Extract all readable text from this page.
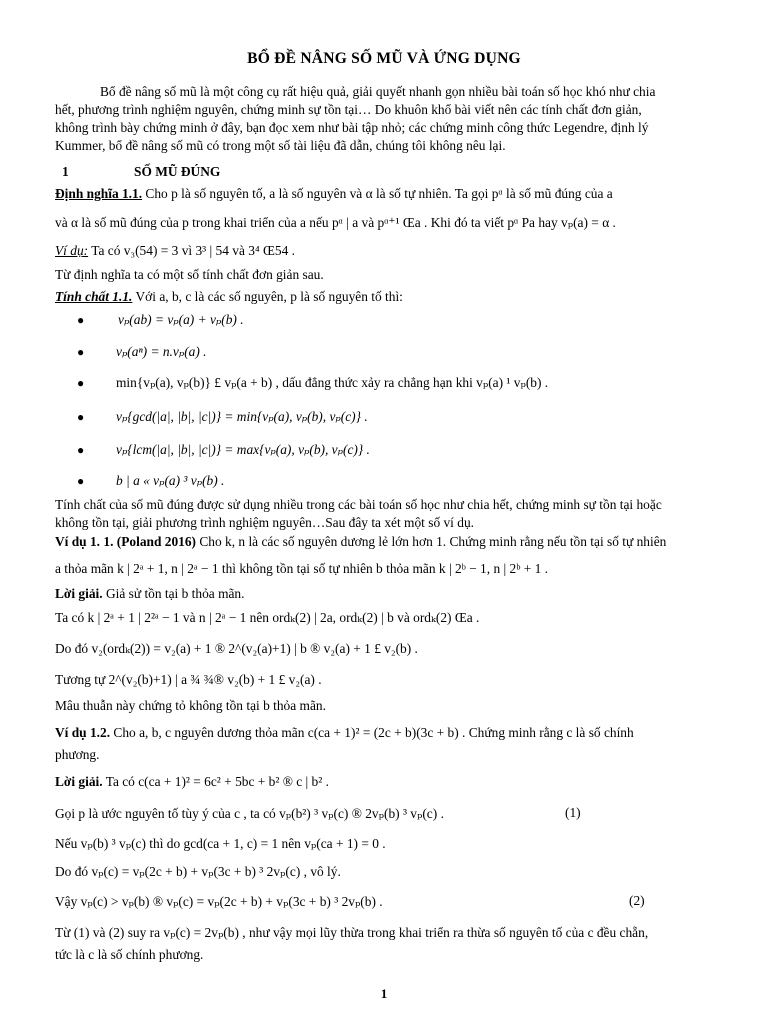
BỔ ĐỀ NÂNG SỐ MŨ VÀ ỨNG DỤNG
Bổ đề nâng số mũ là một công cụ rất hiệu quả, giải quyết nhanh gọn nhiều bài toán số học khó như chia
hết, phương trình nghiệm nguyên, chứng minh sự tồn tại… Do khuôn khổ bài viết nên các tính chất đơn giản,
không trình bày chứng minh ở đây, bạn đọc xem như bài tập nhỏ; các chứng minh công thức Legendre, định lý
Kummer, bổ đề nâng số mũ có trong một số tài liệu đã dẫn, chúng tôi không nêu lại.
1	SỐ MŨ ĐÚNG
Định nghĩa 1.1. Cho p là số nguyên tố, a là số nguyên và α là số tự nhiên. Ta gọi pᵅ là số mũ đúng của a
và α là số mũ đúng của p trong khai triển của a nếu pᵅ | a và pᵅ⁺¹ Œa . Khi đó ta viết pᵅ Pa hay vₚ(a) = α .
Ví dụ: Ta có v₃(54) = 3 vì 3³ | 54 và 3⁴ Œ54 .
Từ định nghĩa ta có một số tính chất đơn giản sau.
Tính chất 1.1. Với a, b, c là các số nguyên, p là số nguyên tố thì:
●	vₚ(ab) = vₚ(a) + vₚ(b) .
● vₚ(aⁿ) = n.vₚ(a) .
● min{vₚ(a), vₚ(b)} £ vₚ(a + b) , dấu đẳng thức xảy ra chẳng hạn khi vₚ(a) ¹ vₚ(b) .
● vₚ{gcd(|a|, |b|, |c|)} = min{vₚ(a), vₚ(b), vₚ(c)} .
● vₚ{lcm(|a|, |b|, |c|)} = max{vₚ(a), vₚ(b), vₚ(c)} .
● b | a « vₚ(a) ³ vₚ(b) .
Tính chất của số mũ đúng được sử dụng nhiều trong các bài toán số học như chia hết, chứng minh sự tồn tại hoặc
không tồn tại, giải phương trình nghiệm nguyên…Sau đây ta xét một số ví dụ.
Ví dụ 1. 1. (Poland 2016) Cho k, n là các số nguyên dương lẻ lớn hơn 1. Chứng minh rằng nếu tồn tại số tự nhiên
a thỏa mãn k | 2ᵃ + 1, n | 2ᵃ − 1 thì không tồn tại số tự nhiên b thỏa mãn k | 2ᵇ − 1, n | 2ᵇ + 1 .
Lời giải. Giả sử tồn tại b thỏa mãn.
Ta có k | 2ᵃ + 1 | 2²ᵃ − 1 và n | 2ᵃ − 1 nên ordₖ(2) | 2a, ordₖ(2) | b và ordₖ(2) Œa .
Do đó v₂(ordₖ(2)) = v₂(a) + 1 ® 2^(v₂(a)+1) | b ® v₂(a) + 1 £ v₂(b) .
Tương tự 2^(v₂(b)+1) | a ¾ ¾® v₂(b) + 1 £ v₂(a) .
Mâu thuẫn này chứng tỏ không tồn tại b thỏa mãn.
Ví dụ 1.2. Cho a, b, c nguyên dương thỏa mãn c(ca + 1)² = (2c + b)(3c + b) . Chứng minh rằng c là số chính
phương.
Lời giải. Ta có c(ca + 1)² = 6c² + 5bc + b² ® c | b² .
Gọi p là ước nguyên tố tùy ý của c , ta có vₚ(b²) ³ vₚ(c) ® 2vₚ(b) ³ vₚ(c) .	(1)
Nếu vₚ(b) ³ vₚ(c) thì do gcd(ca + 1, c) = 1 nên vₚ(ca + 1) = 0 .
Do đó vₚ(c) = vₚ(2c + b) + vₚ(3c + b) ³ 2vₚ(c) , vô lý.
Vậy vₚ(c) > vₚ(b) ® vₚ(c) = vₚ(2c + b) + vₚ(3c + b) ³ 2vₚ(b) .	(2)
Từ (1) và (2) suy ra vₚ(c) = 2vₚ(b) , như vậy mọi lũy thừa trong khai triển ra thừa số nguyên tố của c đều chẵn,
tức là c là số chính phương.
1
